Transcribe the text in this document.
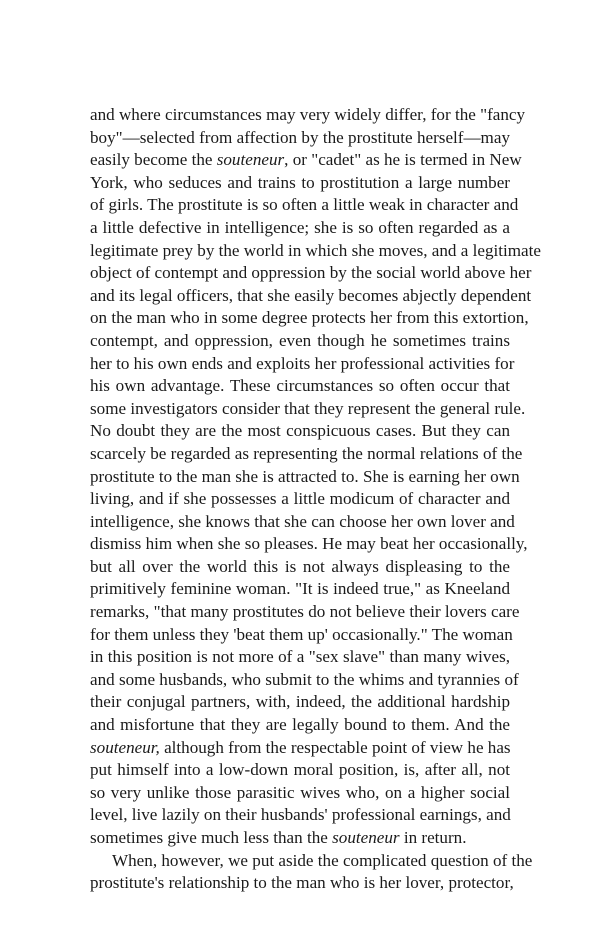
and where circumstances may very widely differ, for the "fancy
boy"—selected from affection by the prostitute herself—may
easily become the souteneur, or "cadet" as he is termed in New
York, who seduces and trains to prostitution a large number
of girls. The prostitute is so often a little weak in character and
a little defective in intelligence; she is so often regarded as a
legitimate prey by the world in which she moves, and a legitimate
object of contempt and oppression by the social world above her
and its legal officers, that she easily becomes abjectly dependent
on the man who in some degree protects her from this extortion,
contempt, and oppression, even though he sometimes trains
her to his own ends and exploits her professional activities for
his own advantage. These circumstances so often occur that
some investigators consider that they represent the general rule.
No doubt they are the most conspicuous cases. But they can
scarcely be regarded as representing the normal relations of the
prostitute to the man she is attracted to. She is earning her own
living, and if she possesses a little modicum of character and
intelligence, she knows that she can choose her own lover and
dismiss him when she so pleases. He may beat her occasionally,
but all over the world this is not always displeasing to the
primitively feminine woman. "It is indeed true," as Kneeland
remarks, "that many prostitutes do not believe their lovers care
for them unless they 'beat them up' occasionally." The woman
in this position is not more of a "sex slave" than many wives,
and some husbands, who submit to the whims and tyrannies of
their conjugal partners, with, indeed, the additional hardship
and misfortune that they are legally bound to them. And the
souteneur, although from the respectable point of view he has
put himself into a low-down moral position, is, after all, not
so very unlike those parasitic wives who, on a higher social
level, live lazily on their husbands' professional earnings, and
sometimes give much less than the souteneur in return.
When, however, we put aside the complicated question of the
prostitute's relationship to the man who is her lover, protector,
